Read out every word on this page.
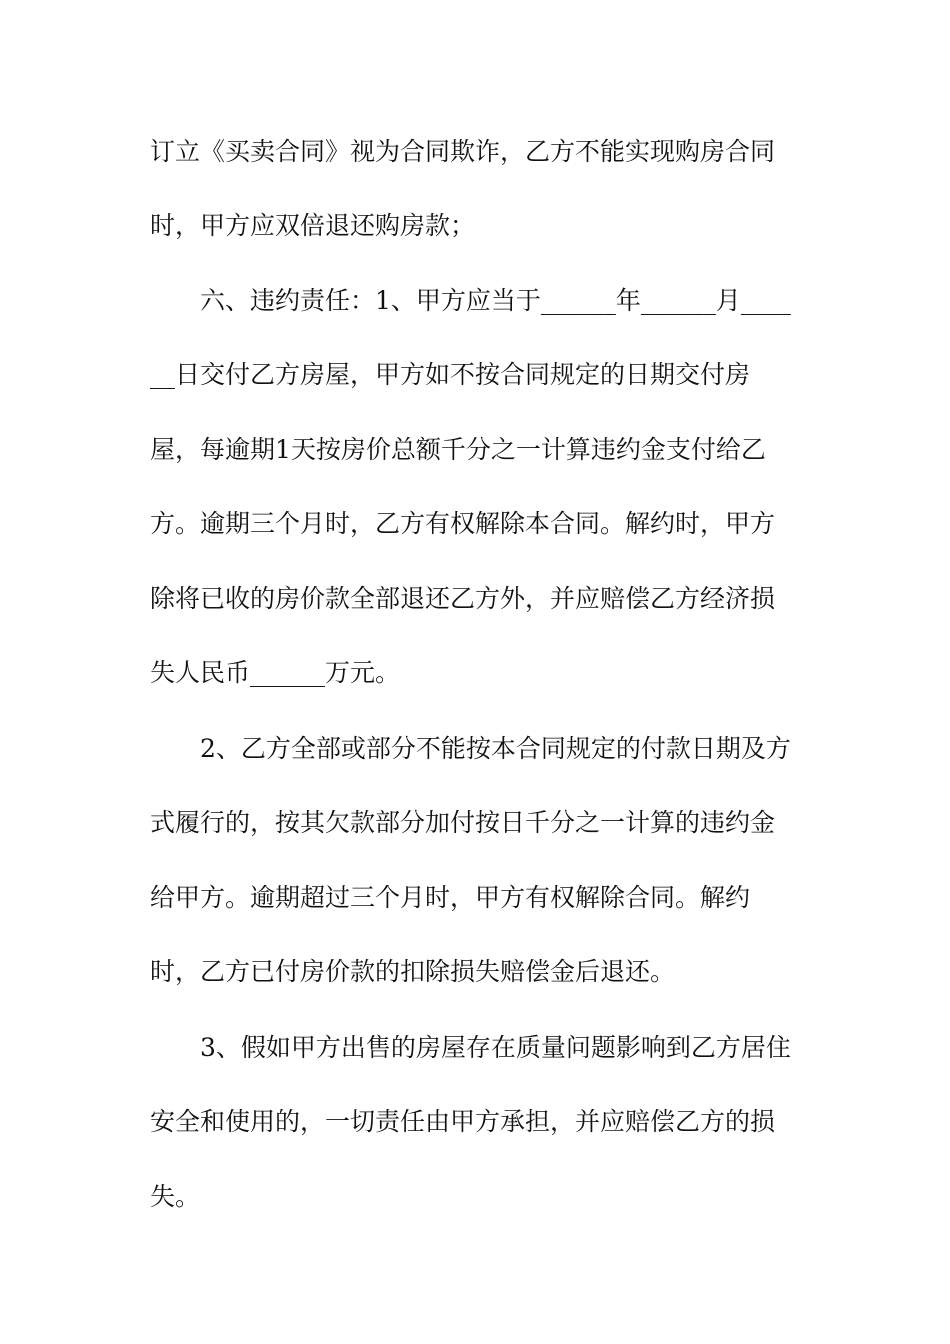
订立《买卖合同》视为合同欺诈，乙方不能实现购房合同

时，甲方应双倍退还购房款；

六、违约责任：1、甲方应当于______年______月____

__日交付乙方房屋，甲方如不按合同规定的日期交付房

屋，每逾期1天按房价总额千分之一计算违约金支付给乙

方。逾期三个月时，乙方有权解除本合同。解约时，甲方

除将已收的房价款全部退还乙方外，并应赔偿乙方经济损

失人民币______万元。

2、乙方全部或部分不能按本合同规定的付款日期及方

式履行的，按其欠款部分加付按日千分之一计算的违约金

给甲方。逾期超过三个月时，甲方有权解除合同。解约

时，乙方已付房价款的扣除损失赔偿金后退还。

3、假如甲方出售的房屋存在质量问题影响到乙方居住

安全和使用的，一切责任由甲方承担，并应赔偿乙方的损

失。
